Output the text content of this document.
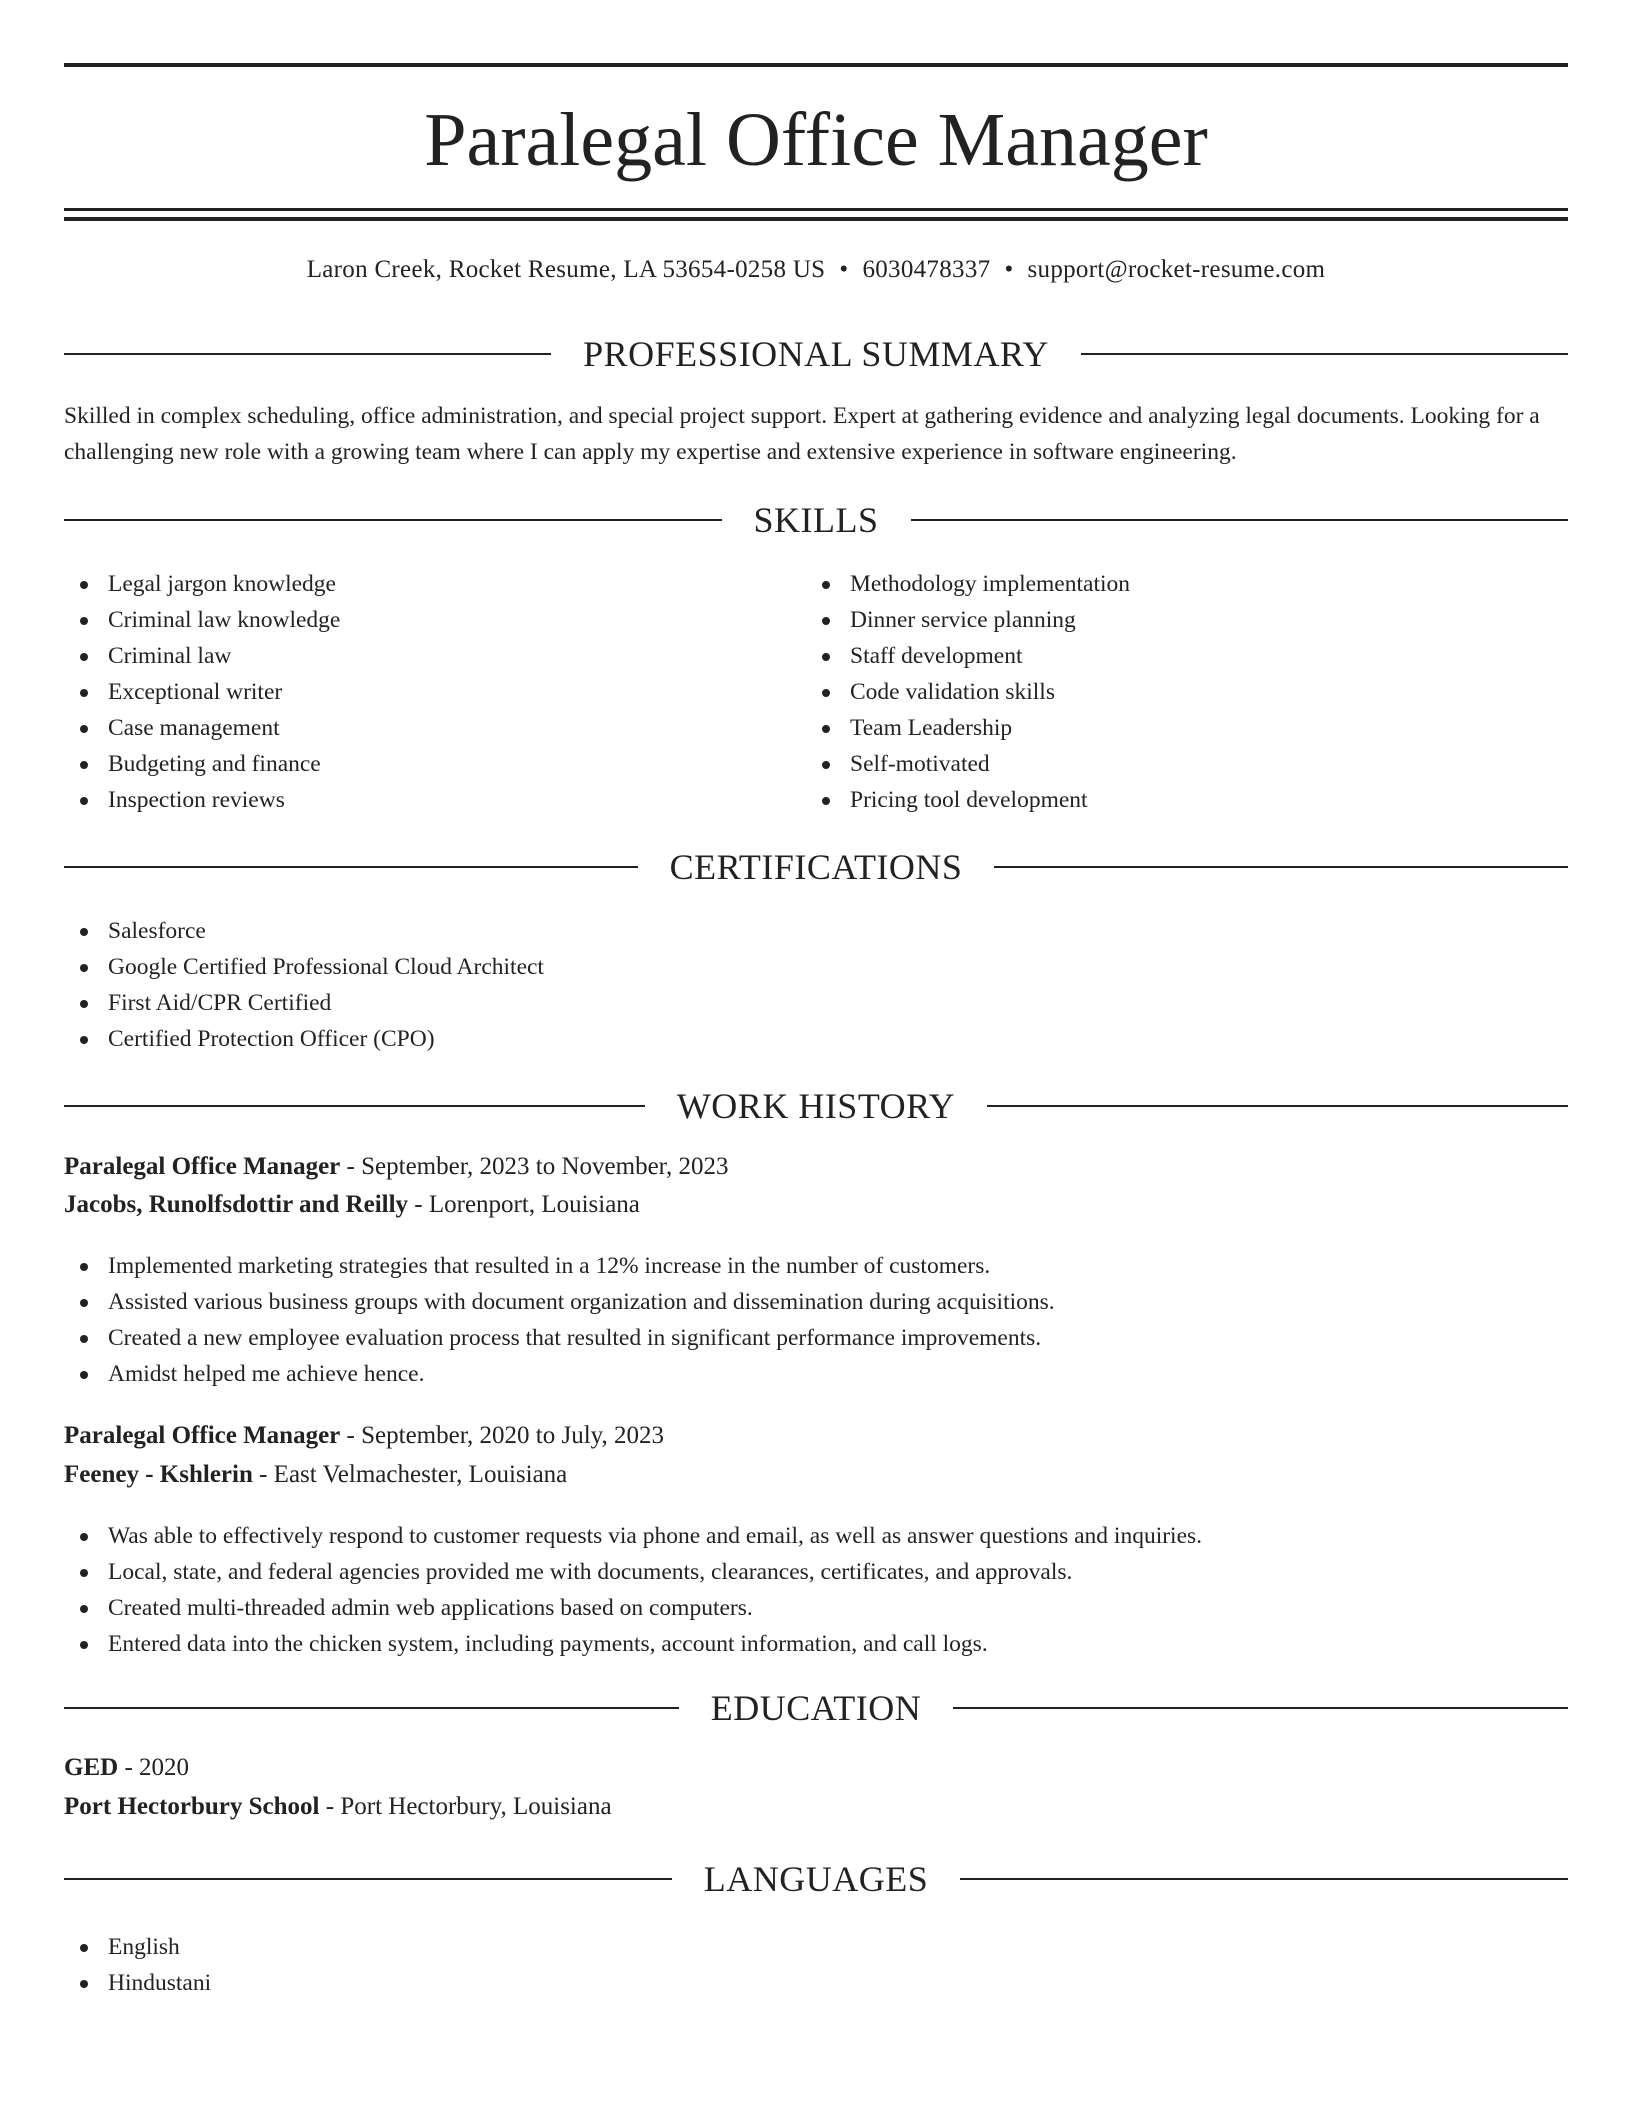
Paralegal Office Manager
Laron Creek, Rocket Resume, LA 53654-0258 US • 6030478337 • support@rocket-resume.com
PROFESSIONAL SUMMARY

Skilled in complex scheduling, office administration, and special project support. Expert at gathering evidence and analyzing legal documents. Looking for a challenging new role with a growing team where I can apply my expertise and extensive experience in software engineering.

SKILLS
Legal jargon knowledge
Criminal law knowledge
Criminal law
Exceptional writer
Case management
Budgeting and finance
Inspection reviews
Methodology implementation
Dinner service planning
Staff development
Code validation skills
Team Leadership
Self-motivated
Pricing tool development
CERTIFICATIONS
Salesforce
Google Certified Professional Cloud Architect
First Aid/CPR Certified
Certified Protection Officer (CPO)
WORK HISTORY
Paralegal Office Manager - September, 2023 to November, 2023
Jacobs, Runolfsdottir and Reilly - Lorenport, Louisiana
Implemented marketing strategies that resulted in a 12% increase in the number of customers.
Assisted various business groups with document organization and dissemination during acquisitions.
Created a new employee evaluation process that resulted in significant performance improvements.
Amidst helped me achieve hence.
Paralegal Office Manager - September, 2020 to July, 2023
Feeney - Kshlerin - East Velmachester, Louisiana
Was able to effectively respond to customer requests via phone and email, as well as answer questions and inquiries.
Local, state, and federal agencies provided me with documents, clearances, certificates, and approvals.
Created multi-threaded admin web applications based on computers.
Entered data into the chicken system, including payments, account information, and call logs.
EDUCATION
GED - 2020
Port Hectorbury School - Port Hectorbury, Louisiana
LANGUAGES
English
Hindustani
